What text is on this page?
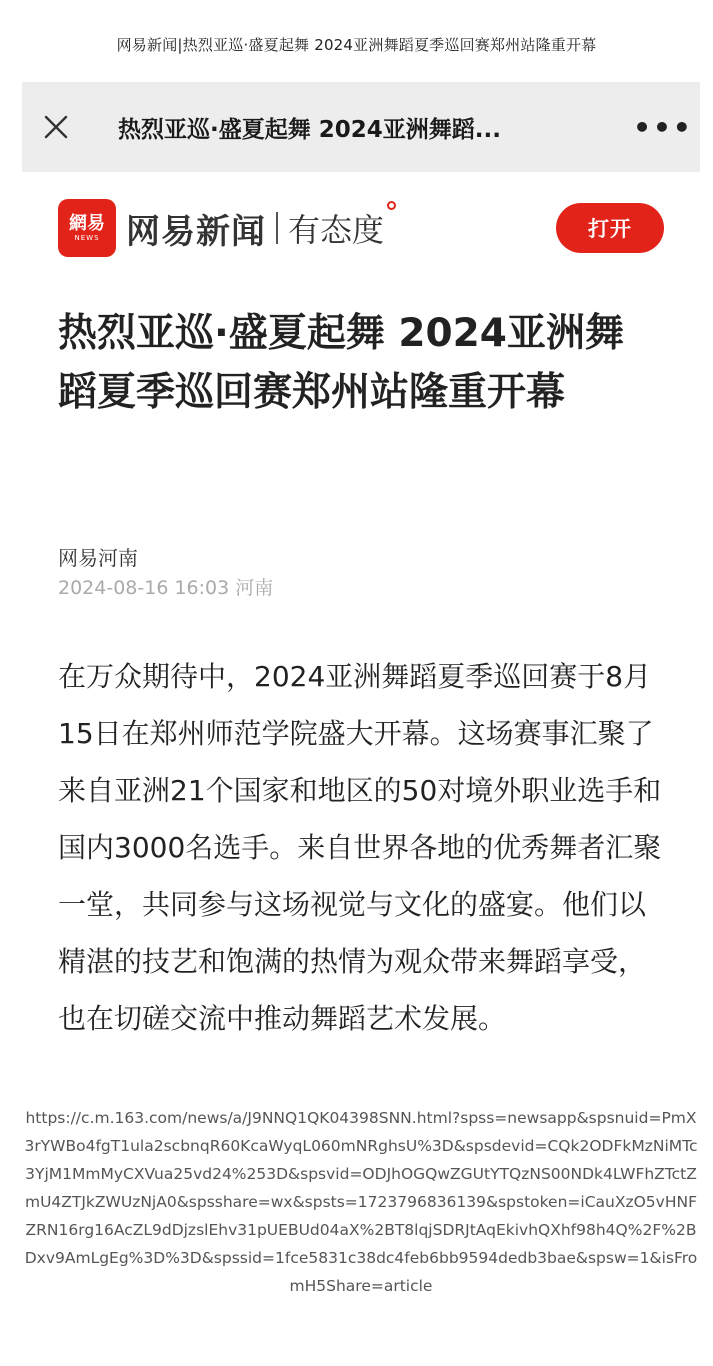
网易新闻|热烈亚巡·盛夏起舞 2024亚洲舞蹈夏季巡回赛郑州站隆重开幕
热烈亚巡·盛夏起舞 2024亚洲舞蹈...	•••
網易
NEWS 网易新闻 有态度	打开
热烈亚巡·盛夏起舞 2024亚洲舞蹈夏季巡回赛郑州站隆重开幕
网易河南
2024-08-16 16:03 河南

在万众期待中，2024亚洲舞蹈夏季巡回赛于8月15日在郑州师范学院盛大开幕。这场赛事汇聚了来自亚洲21个国家和地区的50对境外职业选手和国内3000名选手。来自世界各地的优秀舞者汇聚一堂，共同参与这场视觉与文化的盛宴。他们以精湛的技艺和饱满的热情为观众带来舞蹈享受，也在切磋交流中推动舞蹈艺术发展。

https://c.m.163.com/news/a/J9NNQ1QK04398SNN.html?spss=newsapp&spsnuid=PmX3rYWBo4fgT1ula2scbnqR60KcaWyqL060mNRghsU%3D&spsdevid=CQk2ODFkMzNiMTc3YjM1MmMyCXVua25vd24%253D&spsvid=ODJhOGQwZGUtYTQzNS00NDk4LWFhZTctZmU4ZTJkZWUzNjA0&spsshare=wx&spsts=1723796836139&spstoken=iCauXzO5vHNFZRN16rg16AcZL9dDjzslEhv31pUEBUd04aX%2BT8lqjSDRJtAqEkivhQXhf98h4Q%2F%2BDxv9AmLgEg%3D%3D&spssid=1fce5831c38dc4feb6bb9594dedb3bae&spsw=1&isFromH5Share=article
